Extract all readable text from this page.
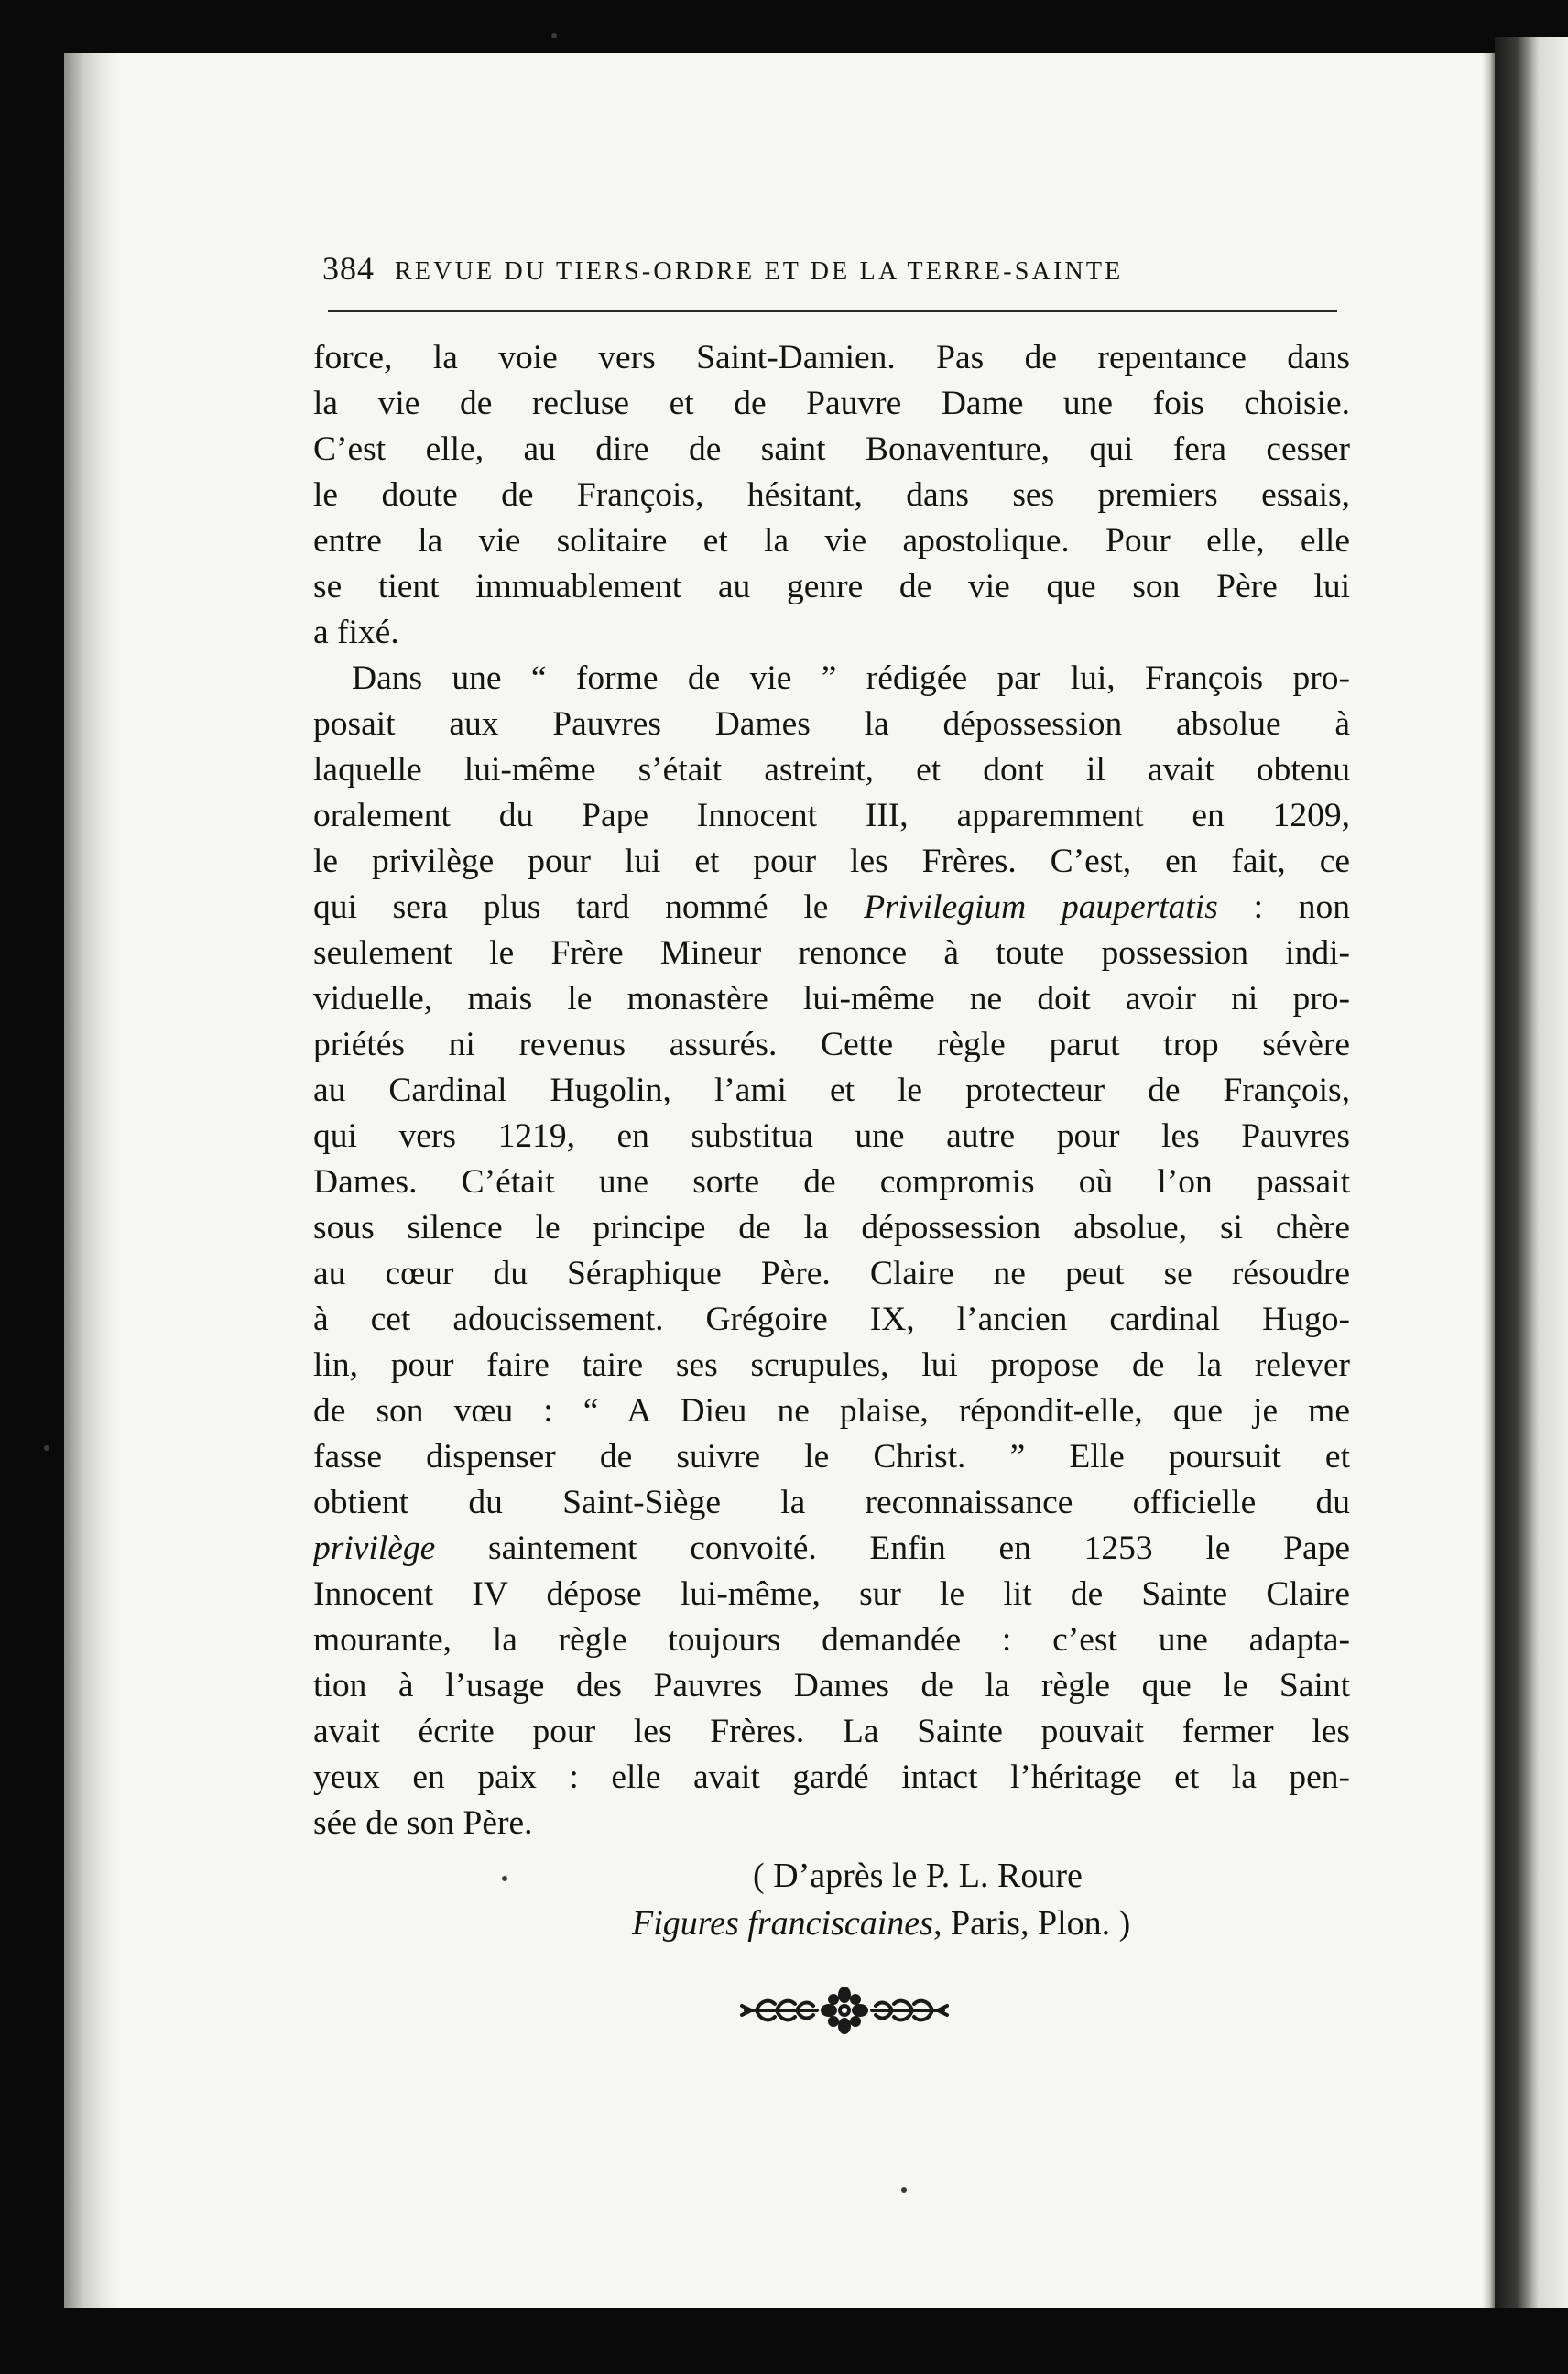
384 REVUE DU TIERS-ORDRE ET DE LA TERRE-SAINTE
force, la voie vers Saint-Damien. Pas de repentance dans
la vie de recluse et de Pauvre Dame une fois choisie.
C’est elle, au dire de saint Bonaventure, qui fera cesser
le doute de François, hésitant, dans ses premiers essais,
entre la vie solitaire et la vie apostolique. Pour elle, elle
se tient immuablement au genre de vie que son Père lui
a fixé.
Dans une “ forme de vie ” rédigée par lui, François pro-
posait aux Pauvres Dames la dépossession absolue à
laquelle lui-même s’était astreint, et dont il avait obtenu
oralement du Pape Innocent III, apparemment en 1209,
le privilège pour lui et pour les Frères. C’est, en fait, ce
qui sera plus tard nommé le Privilegium paupertatis : non
seulement le Frère Mineur renonce à toute possession indi-
viduelle, mais le monastère lui-même ne doit avoir ni pro-
priétés ni revenus assurés. Cette règle parut trop sévère
au Cardinal Hugolin, l’ami et le protecteur de François,
qui vers 1219, en substitua une autre pour les Pauvres
Dames. C’était une sorte de compromis où l’on passait
sous silence le principe de la dépossession absolue, si chère
au cœur du Séraphique Père. Claire ne peut se résoudre
à cet adoucissement. Grégoire IX, l’ancien cardinal Hugo-
lin, pour faire taire ses scrupules, lui propose de la relever
de son vœu : “ A Dieu ne plaise, répondit-elle, que je me
fasse dispenser de suivre le Christ. ” Elle poursuit et
obtient du Saint-Siège la reconnaissance officielle du
privilège saintement convoité. Enfin en 1253 le Pape
Innocent IV dépose lui-même, sur le lit de Sainte Claire
mourante, la règle toujours demandée : c’est une adapta-
tion à l’usage des Pauvres Dames de la règle que le Saint
avait écrite pour les Frères. La Sainte pouvait fermer les
yeux en paix : elle avait gardé intact l’héritage et la pen-
sée de son Père.
( D’après le P. L. Roure
Figures franciscaines, Paris, Plon. )
